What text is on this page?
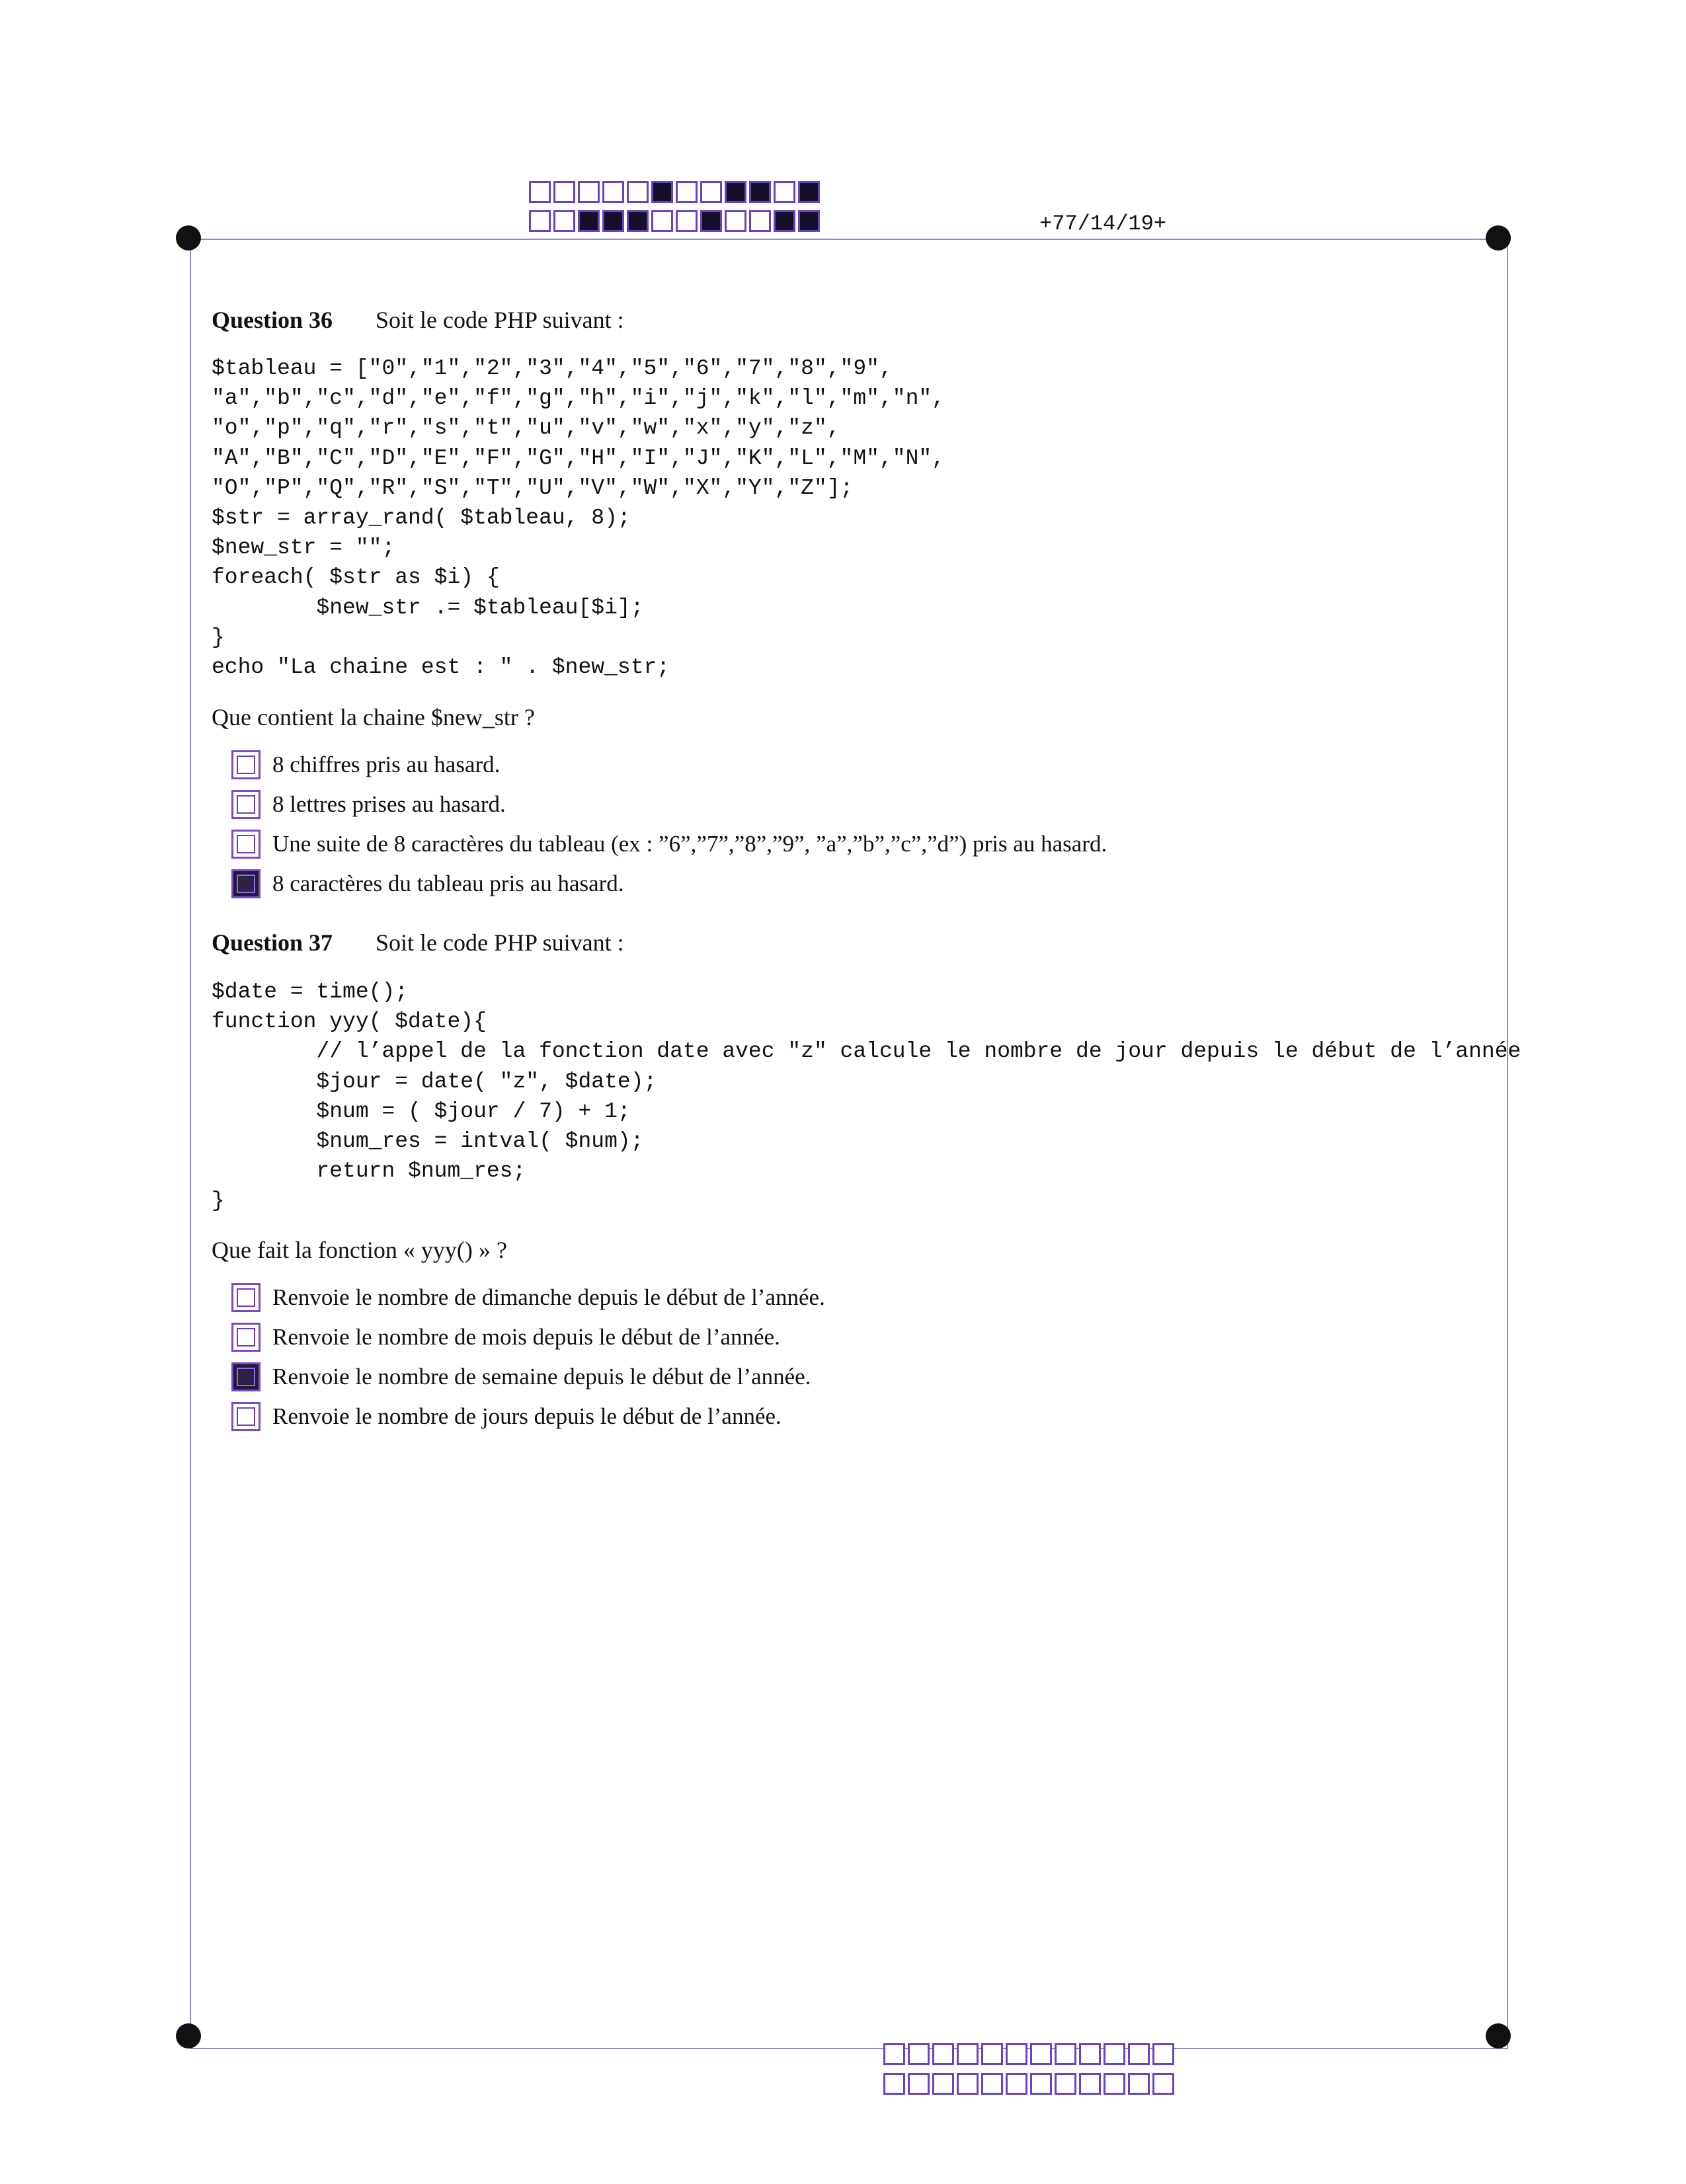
+77/14/19+
Question 36 Soit le code PHP suivant :
$tableau = ["0","1","2","3","4","5","6","7","8","9",
"a","b","c","d","e","f","g","h","i","j","k","l","m","n",
"o","p","q","r","s","t","u","v","w","x","y","z",
"A","B","C","D","E","F","G","H","I","J","K","L","M","N",
"O","P","Q","R","S","T","U","V","W","X","Y","Z"];
$str = array_rand( $tableau, 8);
$new_str = "";
foreach( $str as $i) {
$new_str .= $tableau[$i];
}
echo "La chaine est : " . $new_str;
Que contient la chaine $new_str ?
8 chiffres pris au hasard.
8 lettres prises au hasard.
Une suite de 8 caractères du tableau (ex : ”6”,”7”,”8”,”9”, ”a”,”b”,”c”,”d”) pris au hasard.
8 caractères du tableau pris au hasard.
Question 37 Soit le code PHP suivant :
$date = time();
function yyy( $date){
// l’appel de la fonction date avec "z" calcule le nombre de jour depuis le début de l’année
$jour = date( "z", $date);
$num = ( $jour / 7) + 1;
$num_res = intval( $num);
return $num_res;
}
Que fait la fonction « yyy() » ?
Renvoie le nombre de dimanche depuis le début de l’année.
Renvoie le nombre de mois depuis le début de l’année.
Renvoie le nombre de semaine depuis le début de l’année.
Renvoie le nombre de jours depuis le début de l’année.
